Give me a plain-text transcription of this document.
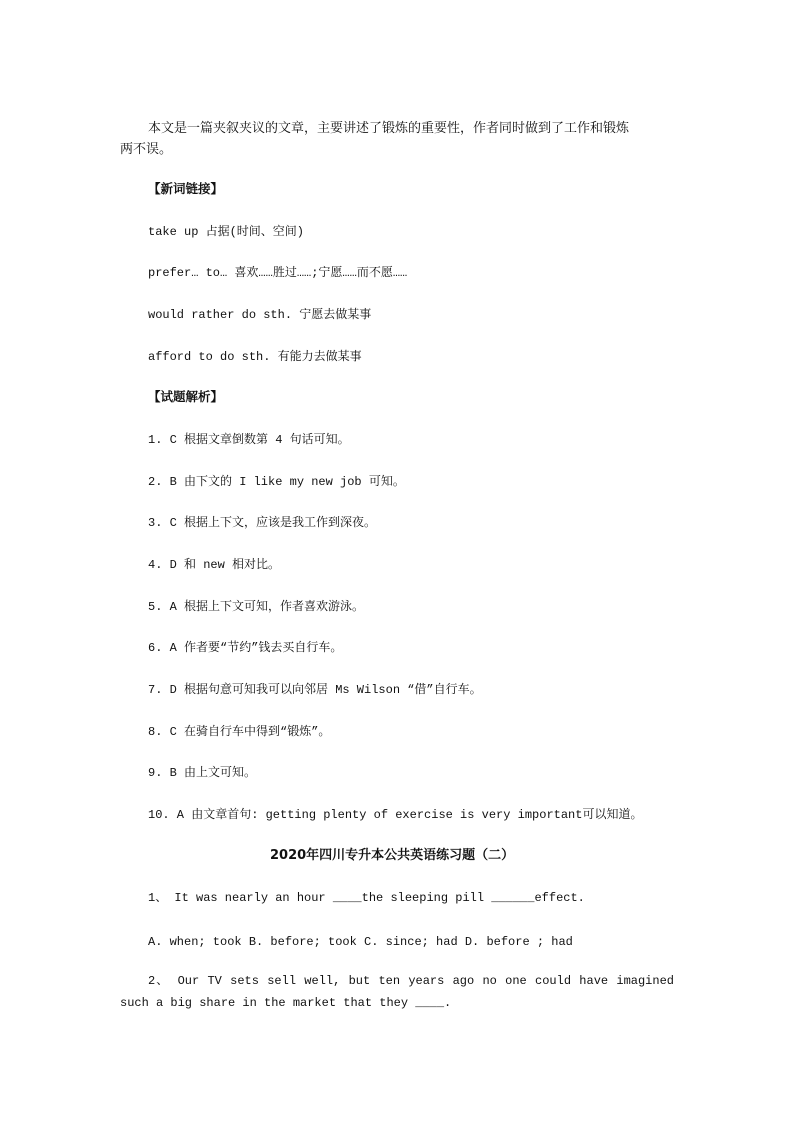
本文是一篇夹叙夹议的文章，主要讲述了锻炼的重要性，作者同时做到了工作和锻炼
两不误。
【新词链接】
take up 占据(时间、空间)
prefer… to… 喜欢……胜过……;宁愿……而不愿……
would rather do sth. 宁愿去做某事
afford to do sth. 有能力去做某事
【试题解析】
1. C 根据文章倒数第 4 句话可知。
2. B 由下文的 I like my new job 可知。
3. C 根据上下文，应该是我工作到深夜。
4. D 和 new 相对比。
5. A 根据上下文可知，作者喜欢游泳。
6. A 作者要“节约”钱去买自行车。
7. D 根据句意可知我可以向邻居 Ms Wilson “借”自行车。
8. C 在骑自行车中得到“锻炼”。
9. B 由上文可知。
10. A 由文章首句: getting plenty of exercise is very important可以知道。
2020年四川专升本公共英语练习题（二）
1、 It was nearly an hour ____the sleeping pill ______effect.
A. when; took B. before; took C. since; had D. before ; had
2、 Our TV sets sell well, but ten years ago no one could have imagined such a big share in the market that they ____.
